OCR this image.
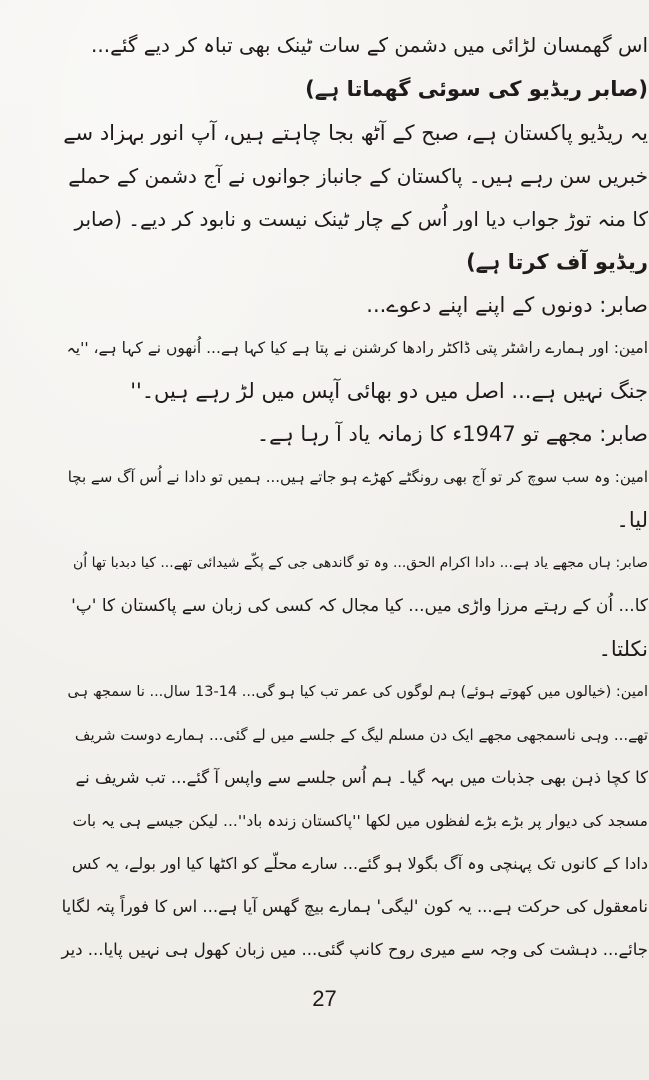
اس گھمسان لڑائی میں دشمن کے سات ٹینک بھی تباہ کر دیے گئے...
(صابر ریڈیو کی سوئی گھماتا ہے)
یہ ریڈیو پاکستان ہے، صبح کے آٹھ بجا چاہتے ہیں، آپ انور بہزاد سے
خبریں سن رہے ہیں۔ پاکستان کے جانباز جوانوں نے آج دشمن کے حملے
کا منہ توڑ جواب دیا اور اُس کے چار ٹینک نیست و نابود کر دیے۔ (صابر
ریڈیو آف کرتا ہے)
صابر: دونوں کے اپنے اپنے دعوے...
امین: اور ہمارے راشٹر پتی ڈاکٹر رادھا کرشنن نے پتا ہے کیا کہا ہے... اُنھوں نے کہا ہے، ''یہ
جنگ نہیں ہے... اصل میں دو بھائی آپس میں لڑ رہے ہیں۔''
صابر: مجھے تو 1947ء کا زمانہ یاد آ رہا ہے۔
امین: وہ سب سوچ کر تو آج بھی رونگٹے کھڑے ہو جاتے ہیں... ہمیں تو دادا نے اُس آگ سے بچا
لیا۔
صابر: ہاں مجھے یاد ہے... دادا اکرام الحق... وہ تو گاندھی جی کے پکّے شیدائی تھے... کیا دبدبا تھا اُن
کا... اُن کے رہتے مرزا واڑی میں... کیا مجال کہ کسی کی زبان سے پاکستان کا 'پ'
نکلتا۔
امین: (خیالوں میں کھوتے ہوئے) ہم لوگوں کی عمر تب کیا ہو گی... 14-13 سال... نا سمجھ ہی
تھے... وہی ناسمجھی مجھے ایک دن مسلم لیگ کے جلسے میں لے گئی... ہمارے دوست شریف
کا کچا ذہن بھی جذبات میں بہہ گیا۔ ہم اُس جلسے سے واپس آ گئے... تب شریف نے
مسجد کی دیوار پر بڑے بڑے لفظوں میں لکھا ''پاکستان زندہ باد''... لیکن جیسے ہی یہ بات
دادا کے کانوں تک پہنچی وہ آگ بگولا ہو گئے... سارے محلّے کو اکٹھا کیا اور بولے، یہ کس
نامعقول کی حرکت ہے... یہ کون 'لیگی' ہمارے بیچ گھس آیا ہے... اس کا فوراً پتہ لگایا
جائے... دہشت کی وجہ سے میری روح کانپ گئی... میں زبان کھول ہی نہیں پایا... دیر
27
